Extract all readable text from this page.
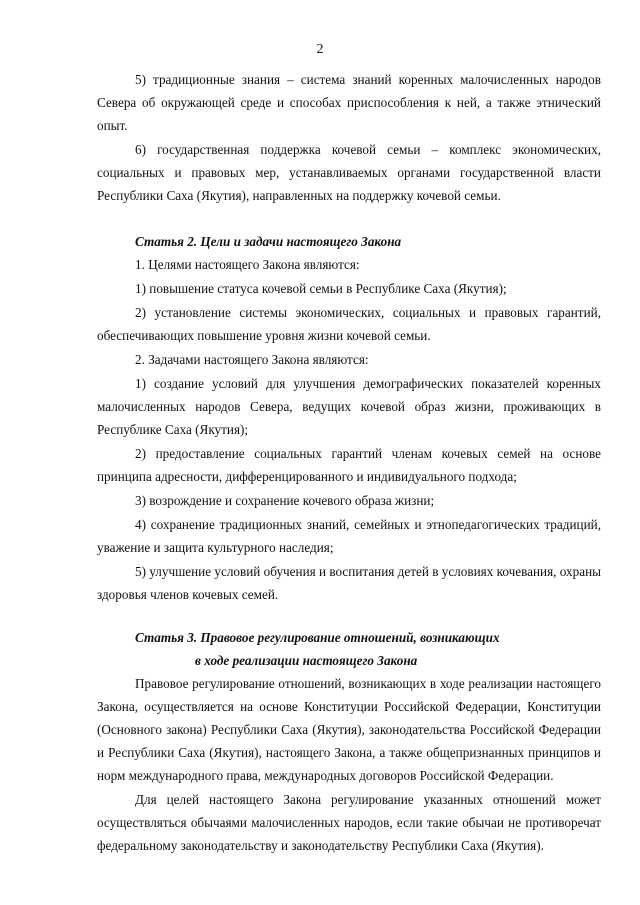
2

5) традиционные знания – система знаний коренных малочисленных народов Севера об окружающей среде и способах приспособления к ней, а также этнический опыт.

6) государственная поддержка кочевой семьи – комплекс экономических, социальных и правовых мер, устанавливаемых органами государственной власти Республики Саха (Якутия), направленных на поддержку кочевой семьи.

Статья 2. Цели и задачи настоящего Закона

1. Целями настоящего Закона являются:

1) повышение статуса кочевой семьи в Республике Саха (Якутия);

2) установление системы экономических, социальных и правовых гарантий, обеспечивающих повышение уровня жизни кочевой семьи.

2. Задачами настоящего Закона являются:

1) создание условий для улучшения демографических показателей коренных малочисленных народов Севера, ведущих кочевой образ жизни, проживающих в Республике Саха (Якутия);

2) предоставление социальных гарантий членам кочевых семей на основе принципа адресности, дифференцированного и индивидуального подхода;

3) возрождение и сохранение кочевого образа жизни;

4) сохранение традиционных знаний, семейных и этнопедагогических традиций, уважение и защита культурного наследия;

5) улучшение условий обучения и воспитания детей в условиях кочевания, охраны здоровья членов кочевых семей.

Статья 3. Правовое регулирование отношений, возникающих

в ходе реализации настоящего Закона

Правовое регулирование отношений, возникающих в ходе реализации настоящего Закона, осуществляется на основе Конституции Российской Федерации, Конституции (Основного закона) Республики Саха (Якутия), законодательства Российской Федерации и Республики Саха (Якутия), настоящего Закона, а также общепризнанных принципов и норм международного права, международных договоров Российской Федерации.

Для целей настоящего Закона регулирование указанных отношений может осуществляться обычаями малочисленных народов, если такие обычаи не противоречат федеральному законодательству и законодательству Республики Саха (Якутия).
